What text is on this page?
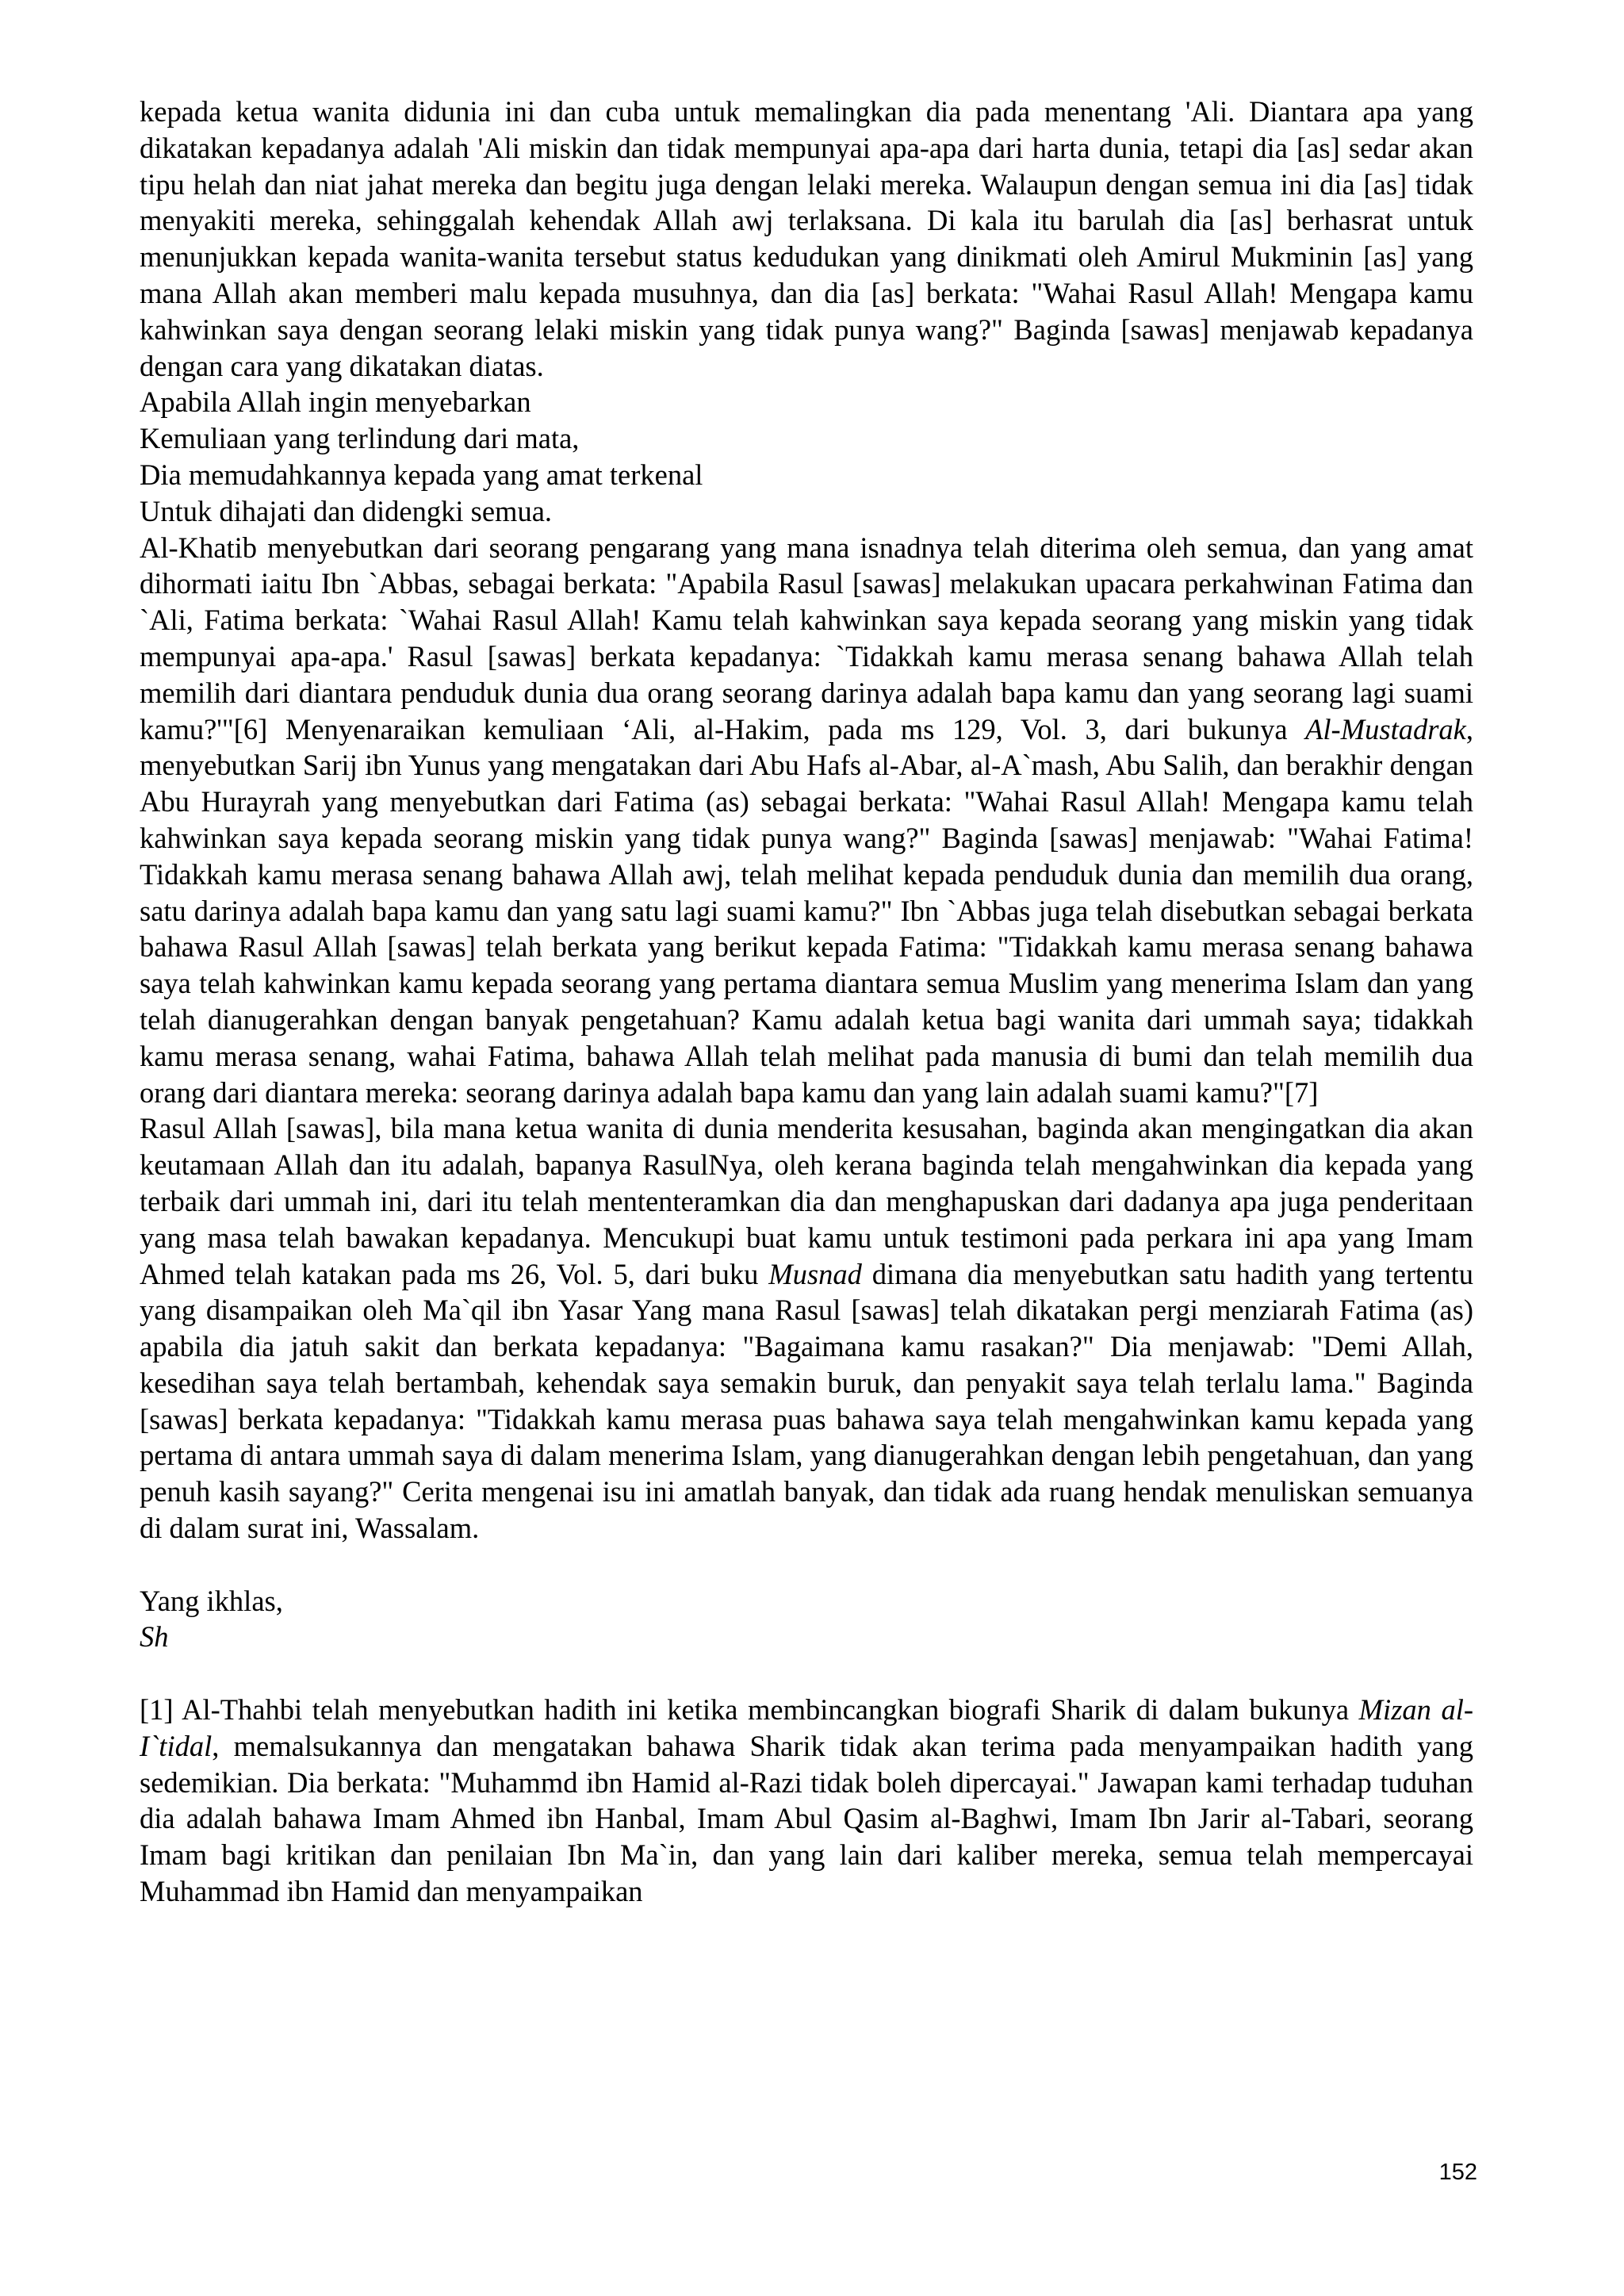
kepada ketua wanita didunia ini dan cuba untuk memalingkan dia pada menentang 'Ali. Diantara apa yang dikatakan kepadanya adalah 'Ali miskin dan tidak mempunyai apa-apa dari harta dunia, tetapi dia [as] sedar akan tipu helah dan niat jahat mereka dan begitu juga dengan lelaki mereka. Walaupun dengan semua ini dia [as] tidak menyakiti mereka, sehinggalah kehendak Allah awj terlaksana. Di kala itu barulah dia [as] berhasrat untuk menunjukkan kepada wanita-wanita tersebut status kedudukan yang dinikmati oleh Amirul Mukminin [as] yang mana Allah akan memberi malu kepada musuhnya, dan dia [as] berkata: "Wahai Rasul Allah! Mengapa kamu kahwinkan saya dengan seorang lelaki miskin yang tidak punya wang?" Baginda [sawas] menjawab kepadanya dengan cara yang dikatakan diatas.

Apabila Allah ingin menyebarkan

Kemuliaan yang terlindung dari mata,

Dia memudahkannya kepada yang amat terkenal

Untuk dihajati dan didengki semua.

Al-Khatib menyebutkan dari seorang pengarang yang mana isnadnya telah diterima oleh semua, dan yang amat dihormati iaitu Ibn `Abbas, sebagai berkata: "Apabila Rasul [sawas] melakukan upacara perkahwinan Fatima dan `Ali, Fatima berkata: `Wahai Rasul Allah! Kamu telah kahwinkan saya kepada seorang yang miskin yang tidak mempunyai apa-apa.' Rasul [sawas] berkata kepadanya: `Tidakkah kamu merasa senang bahawa Allah telah memilih dari diantara penduduk dunia dua orang seorang darinya adalah bapa kamu dan yang seorang lagi suami kamu?'"[6] Menyenaraikan kemuliaan ‘Ali, al-Hakim, pada ms 129, Vol. 3, dari bukunya Al-Mustadrak, menyebutkan Sarij ibn Yunus yang mengatakan dari Abu Hafs al-Abar, al-A`mash, Abu Salih, dan berakhir dengan Abu Hurayrah yang menyebutkan dari Fatima (as) sebagai berkata: "Wahai Rasul Allah! Mengapa kamu telah kahwinkan saya kepada seorang miskin yang tidak punya wang?" Baginda [sawas] menjawab: "Wahai Fatima! Tidakkah kamu merasa senang bahawa Allah awj, telah melihat kepada penduduk dunia dan memilih dua orang, satu darinya adalah bapa kamu dan yang satu lagi suami kamu?" Ibn `Abbas juga telah disebutkan sebagai berkata bahawa Rasul Allah [sawas] telah berkata yang berikut kepada Fatima: "Tidakkah kamu merasa senang bahawa saya telah kahwinkan kamu kepada seorang yang pertama diantara semua Muslim yang menerima Islam dan yang telah dianugerahkan dengan banyak pengetahuan? Kamu adalah ketua bagi wanita dari ummah saya; tidakkah kamu merasa senang, wahai Fatima, bahawa Allah telah melihat pada manusia di bumi dan telah memilih dua orang dari diantara mereka: seorang darinya adalah bapa kamu dan yang lain adalah suami kamu?"[7]

Rasul Allah [sawas], bila mana ketua wanita di dunia menderita kesusahan, baginda akan mengingatkan dia akan keutamaan Allah dan itu adalah, bapanya RasulNya, oleh kerana baginda telah mengahwinkan dia kepada yang terbaik dari ummah ini, dari itu telah mententeramkan dia dan menghapuskan dari dadanya apa juga penderitaan yang masa telah bawakan kepadanya. Mencukupi buat kamu untuk testimoni pada perkara ini apa yang Imam Ahmed telah katakan pada ms 26, Vol. 5, dari buku Musnad dimana dia menyebutkan satu hadith yang tertentu yang disampaikan oleh Ma`qil ibn Yasar Yang mana Rasul [sawas] telah dikatakan pergi menziarah Fatima (as) apabila dia jatuh sakit dan berkata kepadanya: "Bagaimana kamu rasakan?" Dia menjawab: "Demi Allah, kesedihan saya telah bertambah, kehendak saya semakin buruk, dan penyakit saya telah terlalu lama." Baginda [sawas] berkata kepadanya: "Tidakkah kamu merasa puas bahawa saya telah mengahwinkan kamu kepada yang pertama di antara ummah saya di dalam menerima Islam, yang dianugerahkan dengan lebih pengetahuan, dan yang penuh kasih sayang?" Cerita mengenai isu ini amatlah banyak, dan tidak ada ruang hendak menuliskan semuanya di dalam surat ini, Wassalam.

Yang ikhlas,

Sh

[1] Al-Thahbi telah menyebutkan hadith ini ketika membincangkan biografi Sharik di dalam bukunya Mizan al-I`tidal, memalsukannya dan mengatakan bahawa Sharik tidak akan terima pada menyampaikan hadith yang sedemikian. Dia berkata: "Muhammd ibn Hamid al-Razi tidak boleh dipercayai." Jawapan kami terhadap tuduhan dia adalah bahawa Imam Ahmed ibn Hanbal, Imam Abul Qasim al-Baghwi, Imam Ibn Jarir al-Tabari, seorang Imam bagi kritikan dan penilaian Ibn Ma`in, dan yang lain dari kaliber mereka, semua telah mempercayai Muhammad ibn Hamid dan menyampaikan

152
